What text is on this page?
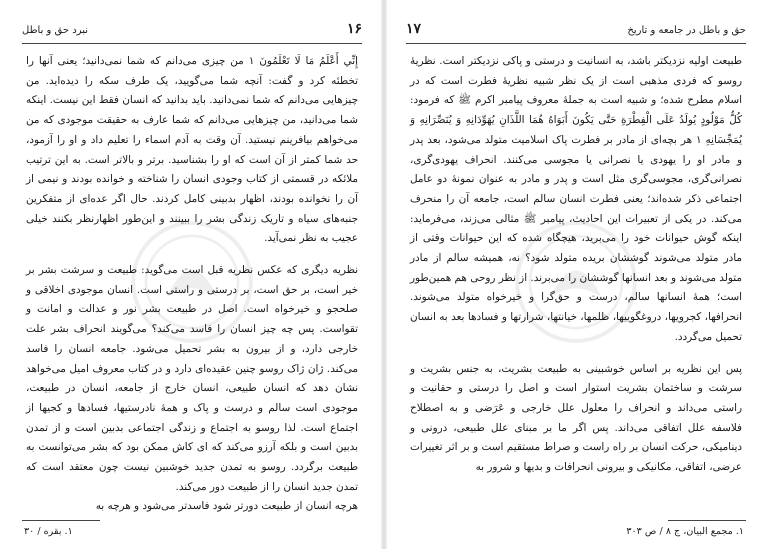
۱۶
نبرد حق و باطل

إِنِّي أَعْلَمُ مَا لَا تَعْلَمُونَ ۱ من چیزی می‌دانم که شما نمی‌دانید؛ یعنی آنها را تخطئه کرد و گفت: آنچه شما می‌گویید، یک طرف سکه را دیده‌اید. من چیزهایی می‌دانم که شما نمی‌دانید. باید بدانید که انسان فقط این نیست. اینکه شما می‌دانید، من چیزهایی می‌دانم که شما عارف به حقیقت موجودی که من می‌خواهم بیافرینم نیستید. آن وقت به آدم اسماء را تعلیم داد و او را آزمود، حد شما کمتر از آن است که او را بشناسید. برتر و بالاتر است. به این ترتیب ملائکه در قسمتی از کتاب وجودی انسان را شناخته و خوانده بودند و نیمی از آن را نخوانده بودند، اظهار بدبینی کامل کردند. حال اگر عده‌ای از متفکرین جنبه‌های سیاه و تاریک زندگی بشر را ببینند و این‌طور اظهارنظر بکنند خیلی عجیب به نظر نمی‌آید.

نظریه دیگری که عکس نظریه قبل است می‌گوید: طبیعت و سرشت بشر بر خیر است، بر حق است، بر درستی و راستی است. انسان موجودی اخلاقی و صلحجو و خیرخواه است. اصل در طبیعت بشر نور و عدالت و امانت و تقواست. پس چه چیز انسان را فاسد می‌کند؟ می‌گویند انحراف بشر علت خارجی دارد، و از بیرون به بشر تحمیل می‌شود. جامعه انسان را فاسد می‌کند. ژان ژاک روسو چنین عقیده‌ای دارد و در کتاب معروف امیل می‌خواهد نشان دهد که انسان طبیعی، انسان خارج از جامعه، انسان در طبیعت، موجودی است سالم و درست و پاک و همهٔ نادرستیها، فسادها و کجیها از اجتماع است. لذا روسو به اجتماع و زندگی اجتماعی بدبین است و از تمدن بدبین است و بلکه آرزو می‌کند که ای کاش ممکن بود که بشر می‌توانست به طبیعت برگردد. روسو به تمدن جدید خوشبین نیست چون معتقد است که تمدن جدید انسان را از طبیعت دور می‌کند.

هرچه انسان از طبیعت دورتر شود فاسدتر می‌شود و هرچه به

۱. بقره / ۳۰
۱۷	حق و باطل در جامعه و تاریخ

طبیعت اولیه نزدیکتر باشد، به انسانیت و درستی و پاکی نزدیکتر است. نظریهٔ روسو که فردی مذهبی است از یک نظر شبیه نظریهٔ فطرت است که در اسلام مطرح شده؛ و شبیه است به جملهٔ معروف پیامبر اکرم ﷺ که فرمود: كُلُّ مَوْلُودٍ يُولَدُ عَلَى الْفِطْرَةِ حَتَّى يَكُونَ أَبَوَاهُ هُمَا اللَّذَانِ يُهَوِّدَانِهِ وَ يُنَصِّرَانِهِ وَ يُمَجِّسَانِهِ ۱ هر بچه‌ای از مادر بر فطرت پاک اسلامیت متولد می‌شود، بعد پدر و مادر او را یهودی یا نصرانی یا مجوسی می‌کنند. انحراف یهودی‌گری، نصرانی‌گری، مجوسی‌گری مثل است و پدر و مادر به عنوان نمونهٔ دو عامل اجتماعی ذکر شده‌اند؛ یعنی فطرت انسان سالم است، جامعه آن را منحرف می‌کند. در یکی از تعبیرات این احادیث، پیامبر ﷺ مثالی می‌زند، می‌فرماید: اینکه گوش حیوانات خود را می‌برید، هیچگاه شده که این حیوانات وقتی از مادر متولد می‌شوند گوششان بریده متولد شود؟ نه، همیشه سالم از مادر متولد می‌شوند و بعد انسانها گوششان را می‌برند. از نظر روحی هم همین‌طور است؛ همهٔ انسانها سالم، درست و حق‌گرا و خیرخواه متولد می‌شوند. انحرافها، کجرویها، دروغگوییها، ظلمها، خیانتها، شرارتها و فسادها بعد به انسان تحمیل می‌گردد.

پس این نظریه بر اساس خوشبینی به طبیعت بشریت، به جنس بشریت و سرشت و ساختمان بشریت استوار است و اصل را درستی و حقانیت و راستی می‌داند و انحراف را معلول علل خارجی و عَرَضی و به اصطلاح فلاسفه علل اتفاقی می‌داند. پس اگر ما بر مبنای علل طبیعی، درونی و دینامیکی، حرکت انسان بر راه راست و صراط مستقیم است و بر اثر تغییرات عرضی، اتفاقی، مکانیکی و بیرونی انحرافات و بدیها و شرور به

۱. مجمع البیان، ج ۸ / ص ۳۰۳
